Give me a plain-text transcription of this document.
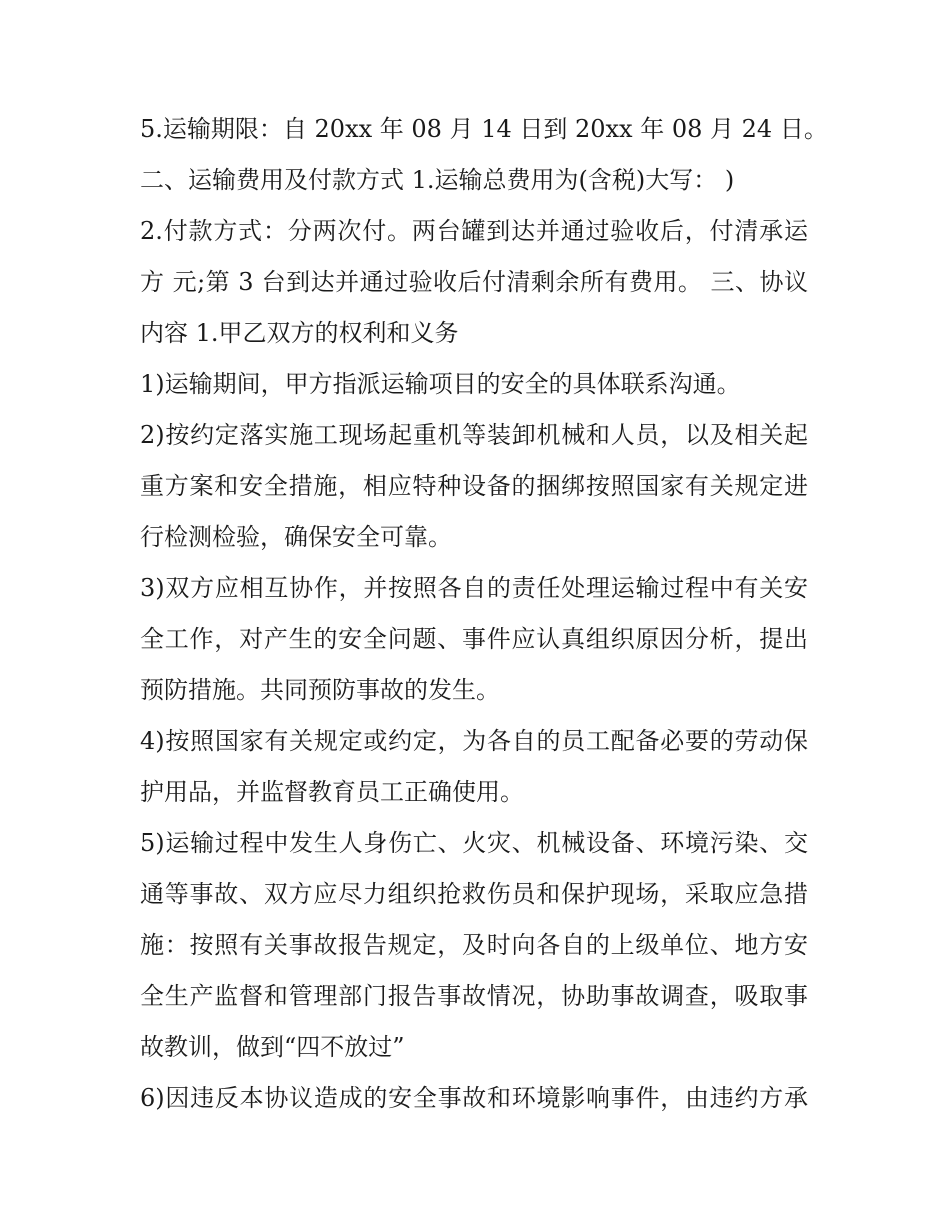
5.运输期限：自 20xx 年 08 月 14 日到 20xx 年 08 月 24 日。
二、运输费用及付款方式 1.运输总费用为(含税)大写： )
2.付款方式：分两次付。两台罐到达并通过验收后，付清承运
方 元;第 3 台到达并通过验收后付清剩余所有费用。 三、协议
内容 1.甲乙双方的权利和义务
1)运输期间，甲方指派运输项目的安全的具体联系沟通。
2)按约定落实施工现场起重机等装卸机械和人员，以及相关起
重方案和安全措施，相应特种设备的捆绑按照国家有关规定进
行检测检验，确保安全可靠。
3)双方应相互协作，并按照各自的责任处理运输过程中有关安
全工作，对产生的安全问题、事件应认真组织原因分析，提出
预防措施。共同预防事故的发生。
4)按照国家有关规定或约定，为各自的员工配备必要的劳动保
护用品，并监督教育员工正确使用。
5)运输过程中发生人身伤亡、火灾、机械设备、环境污染、交
通等事故、双方应尽力组织抢救伤员和保护现场，采取应急措
施：按照有关事故报告规定，及时向各自的上级单位、地方安
全生产监督和管理部门报告事故情况，协助事故调查，吸取事
故教训，做到“四不放过”
6)因违反本协议造成的安全事故和环境影响事件，由违约方承
